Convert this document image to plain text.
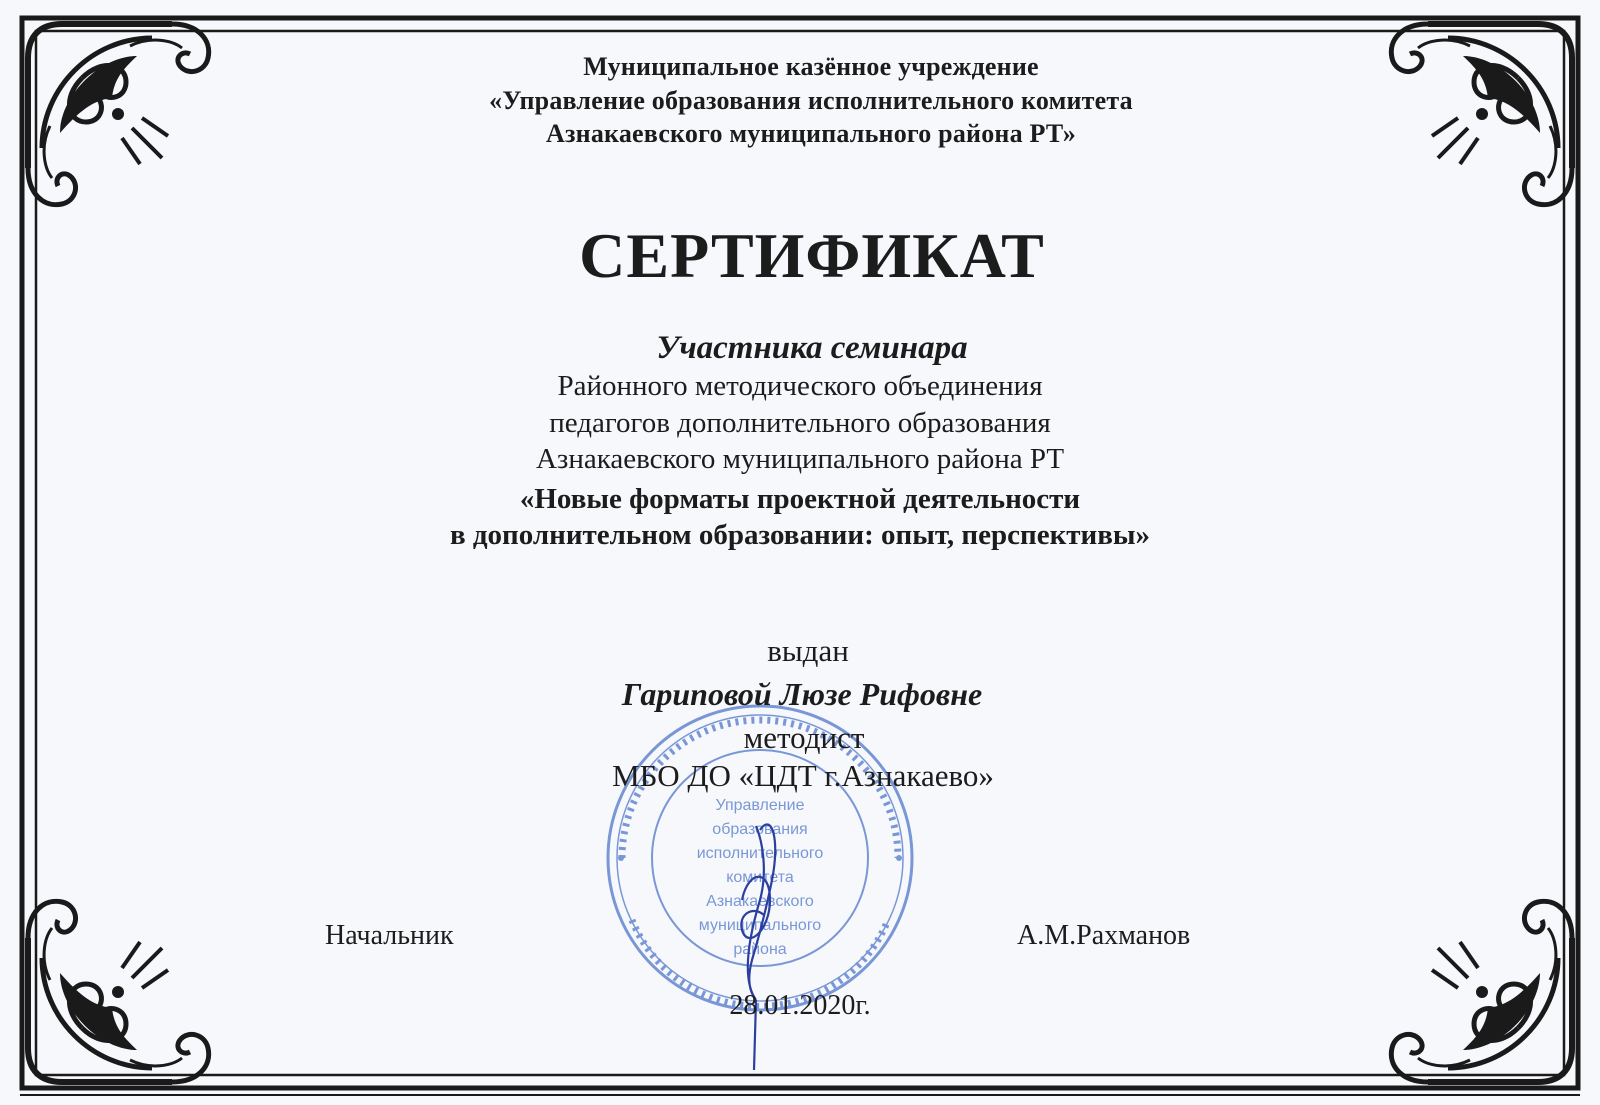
Управление
образования
исполнительного
комитета
Азнакаевского
муниципального
района
Муниципальное казённое учреждение
«Управление образования исполнительного комитета
Азнакаевского муниципального района РТ»
СЕРТИФИКАТ
Участника семинара
Районного методического объединения
педагогов дополнительного образования
Азнакаевского муниципального района РТ
«Новые форматы проектной деятельности
в дополнительном образовании: опыт, перспективы»
выдан
Гариповой Люзе Рифовне
методист
МБО ДО «ЦДТ г.Азнакаево»
Начальник	А.М.Рахманов
28.01.2020г.
